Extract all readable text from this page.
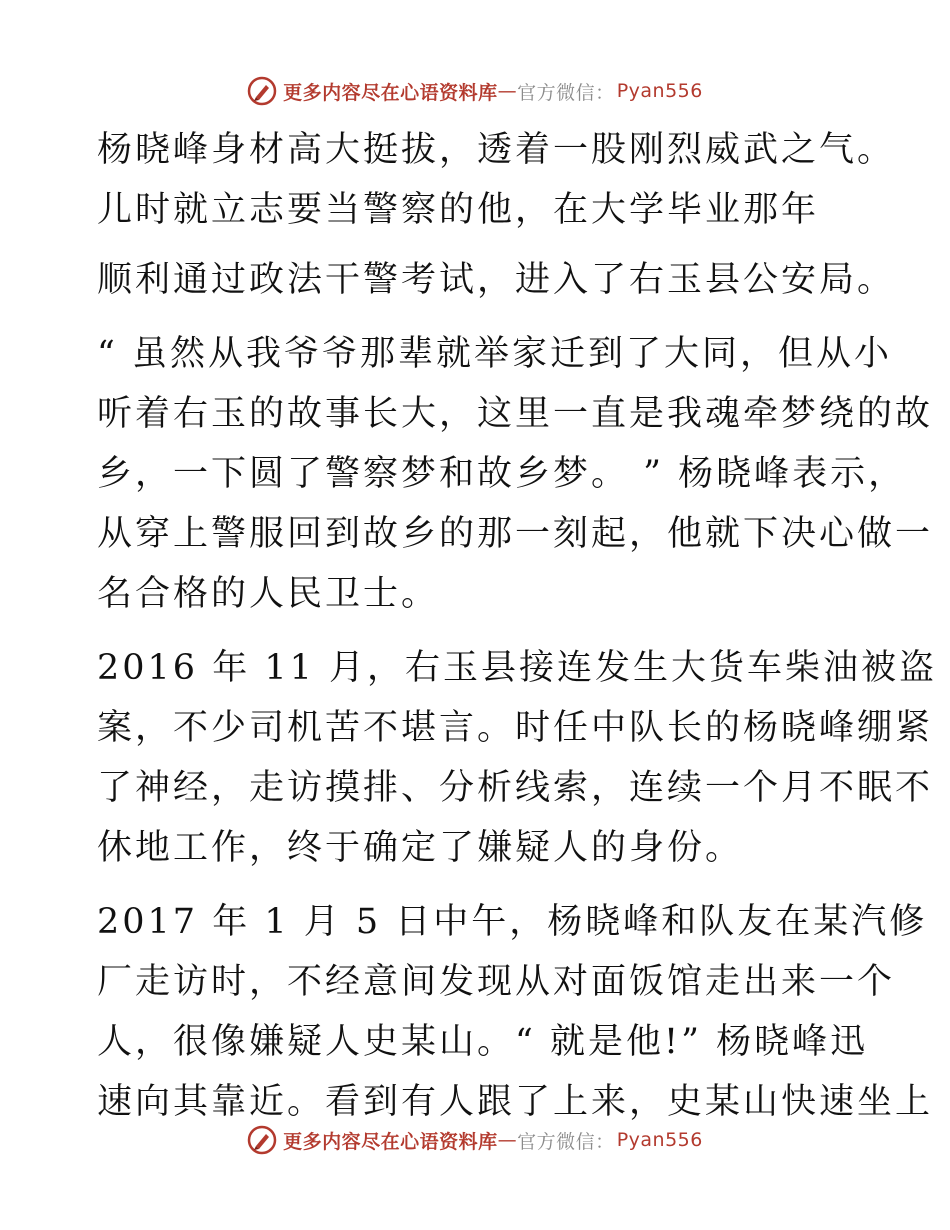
更多内容尽在心语资料库 — 官方微信： Pyan556
杨晓峰身材高大挺拔，透着一股刚烈威武之气。
儿时就立志要当警察的他，在大学毕业那年
顺利通过政法干警考试，进入了右玉县公安局。
“ 虽然从我爷爷那辈就举家迁到了大同，但从小
听着右玉的故事长大，这里一直是我魂牵梦绕的故
乡，一下圆了警察梦和故乡梦。 ” 杨晓峰表示，
从穿上警服回到故乡的那一刻起，他就下决心做一
名合格的人民卫士。
2016 年 11 月，右玉县接连发生大货车柴油被盗
案，不少司机苦不堪言。时任中队长的杨晓峰绷紧
了神经，走访摸排、分析线索，连续一个月不眠不
休地工作，终于确定了嫌疑人的身份。
2017 年 1 月 5 日中午，杨晓峰和队友在某汽修
厂走访时，不经意间发现从对面饭馆走出来一个
人，很像嫌疑人史某山。“ 就是他!” 杨晓峰迅
速向其靠近。看到有人跟了上来，史某山快速坐上
更多内容尽在心语资料库 — 官方微信： Pyan556
